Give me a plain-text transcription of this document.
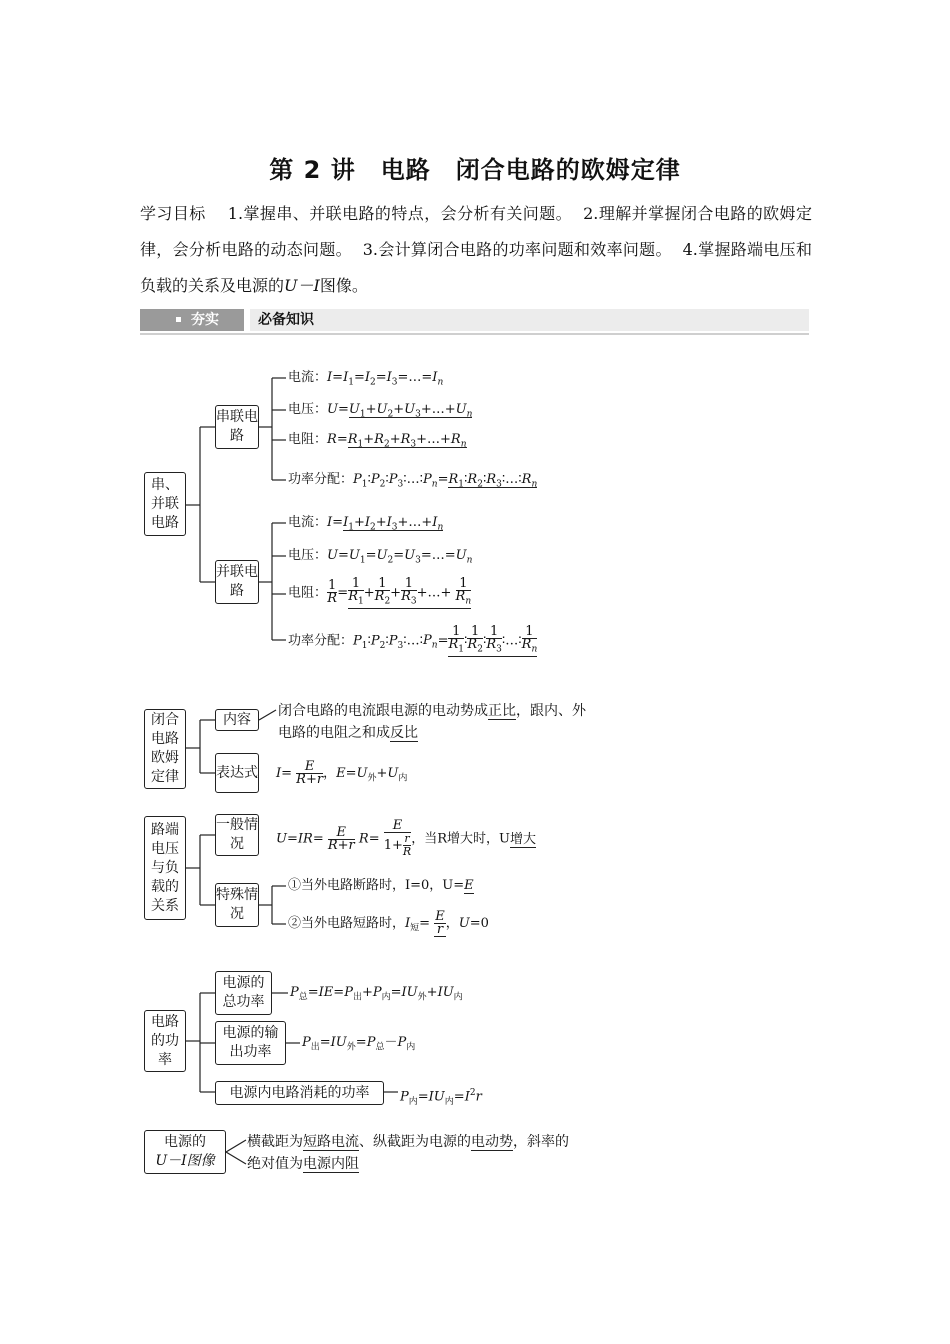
第 2 讲　电路　闭合电路的欧姆定律
学习目标 1.掌握串、并联电路的特点，会分析有关问题。 2.理解并掌握闭合电路的欧姆定律，会分析电路的动态问题。 3.会计算闭合电路的功率问题和效率问题。 4.掌握路端电压和负载的关系及电源的U－I图像。
夯实	必备知识
串、并联电路
串联电路
并联电路
电流：$I=I_1=I_2=I_3=\dots=I_n$
电压：$U=U_1+U_2+U_3+\dots+U_n$
电阻：$R=R_1+R_2+R_3+\dots+R_n$
功率分配：$P_1∶P_2∶P_3∶\dots∶P_n=R_1∶R_2∶R_3∶\dots∶R_n$
电流：$I=I_1+I_2+I_3+\dots+I_n$
电压：$U=U_1=U_2=U_3=\dots=U_n$
电阻： $\frac{1}{R} = \frac{1}{R_1} + \frac{1}{R_2} + \frac{1}{R_3}$ +…+ $\frac{1}{R_n}$
功率分配：$P_1∶P_2∶P_3∶\dots∶P_n= \frac{1}{R_1}$ ∶ $\frac{1}{R_2}$ ∶ $\frac{1}{R_3}$ ∶…∶ $\frac{1}{R_n}$
闭合电路欧姆定律
内容
表达式
闭合电路的电流跟电源的电动势成正比，跟内、外
电路的电阻之和成反比
$I= \frac{E}{R+r}$ ，$E=U_外+U_内$
路端电压与负载的关系
一般情况
特殊情况
$U=IR= \frac{E}{R+r} R= \frac{E}{1+ \frac{r}{R}}$ ，当R增大时，U增大
①当外电路断路时，I=0，U=E
②当外电路短路时，$I_短= \frac{E}{r}$ ，U=0
电路的功率
电源的总功率
电源的输出功率
电源内电路消耗的功率
$P_总=IE=P_出+P_内=IU_外+IU_内$
$P_出=IU_外=P_总-P_内$
$P_内=IU_内=I^2r$
电源的
U－I图像
横截距为短路电流、纵截距为电源的电动势，斜率的
绝对值为电源内阻
